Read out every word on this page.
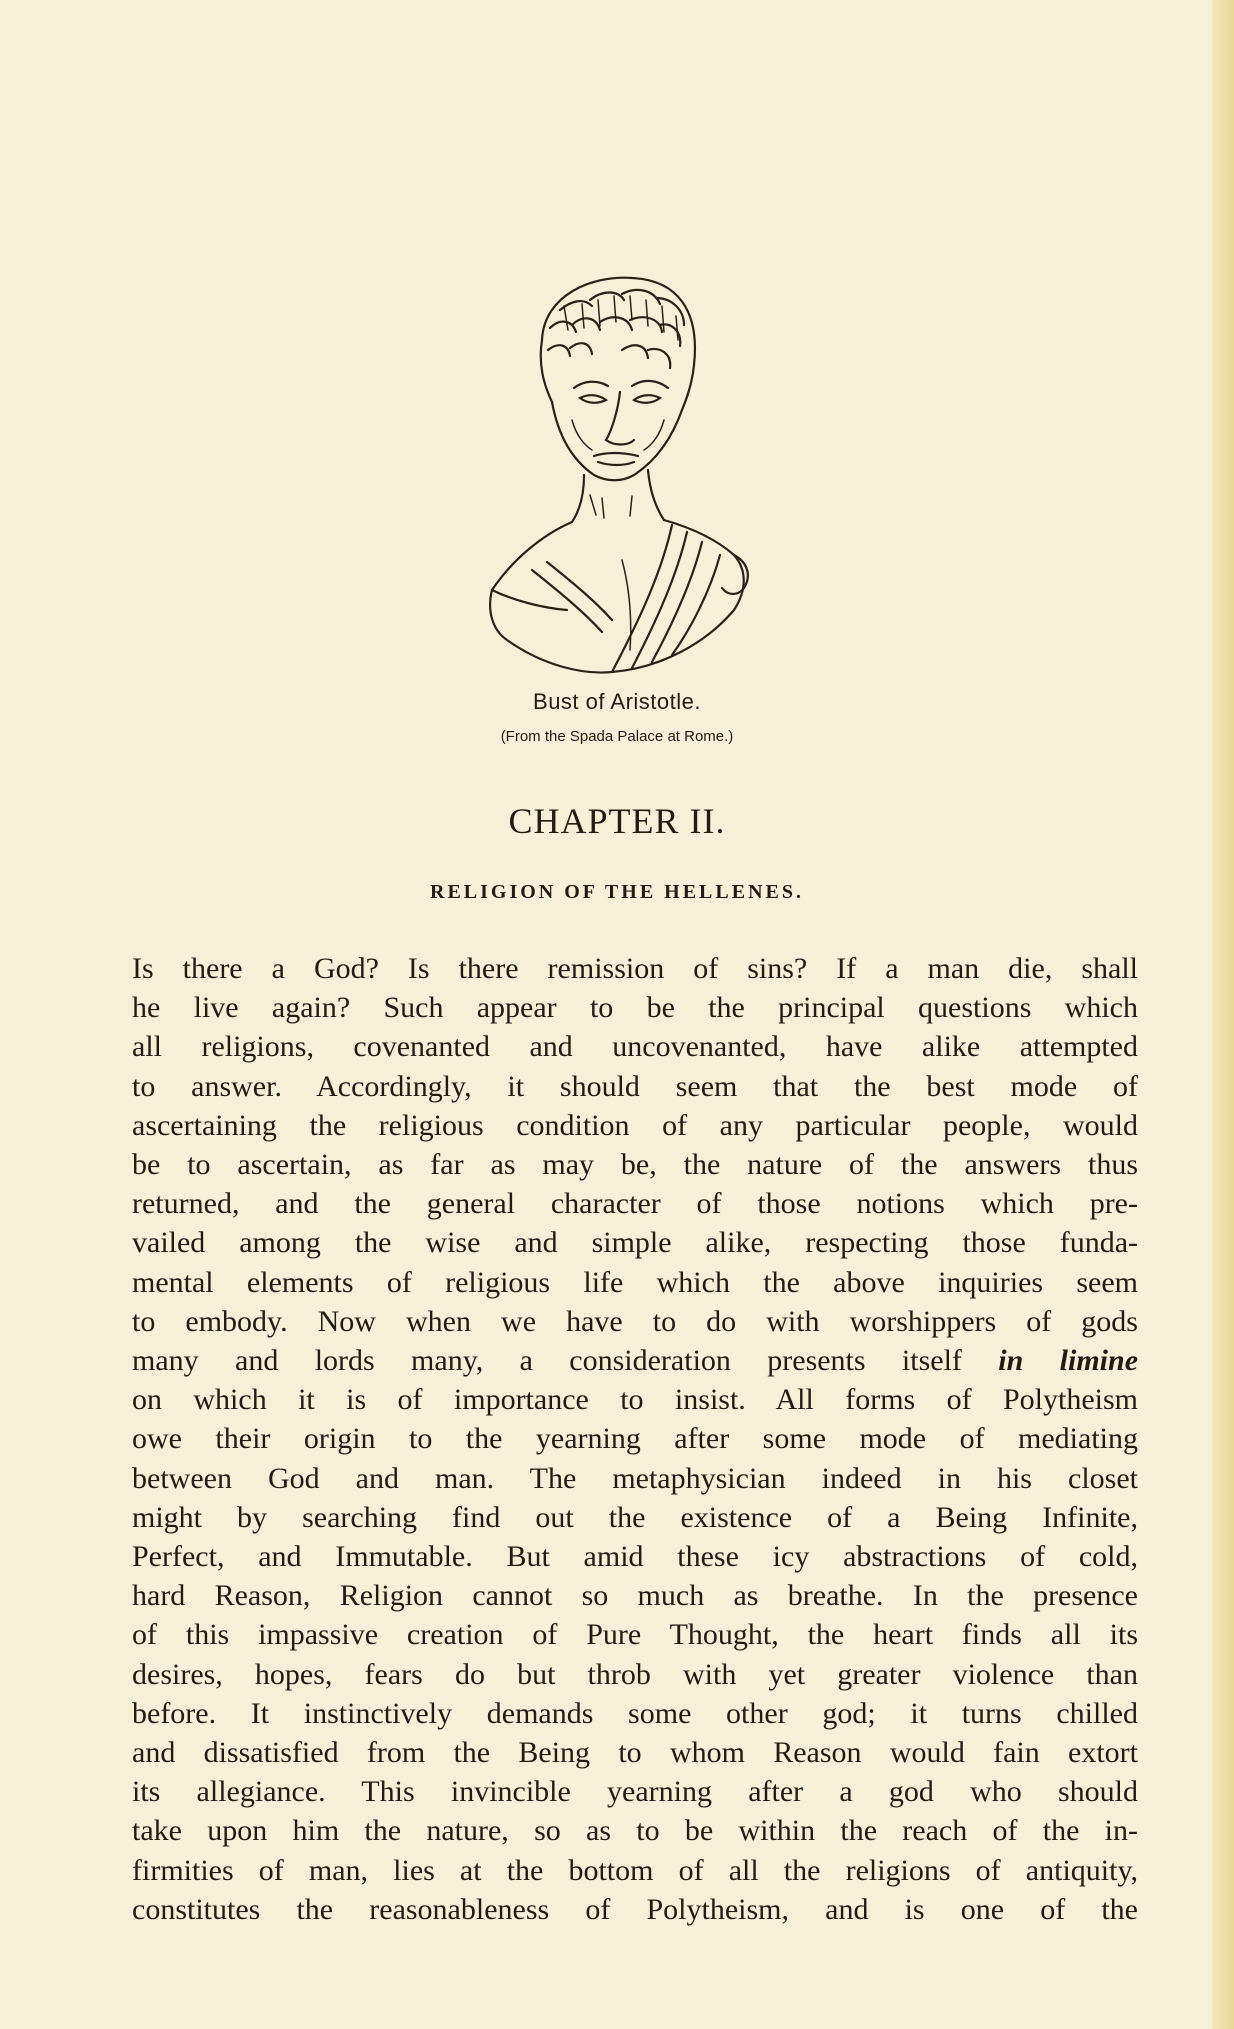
Bust of Aristotle.
(From the Spada Palace at Rome.)
CHAPTER II.
RELIGION OF THE HELLENES.
Is there a God? Is there remission of sins? If a man die, shall
he live again? Such appear to be the principal questions which
all religions, covenanted and uncovenanted, have alike attempted
to answer. Accordingly, it should seem that the best mode of
ascertaining the religious condition of any particular people, would
be to ascertain, as far as may be, the nature of the answers thus
returned, and the general character of those notions which pre-
vailed among the wise and simple alike, respecting those funda-
mental elements of religious life which the above inquiries seem
to embody. Now when we have to do with worshippers of gods
many and lords many, a consideration presents itself in limine
on which it is of importance to insist. All forms of Polytheism
owe their origin to the yearning after some mode of mediating
between God and man. The metaphysician indeed in his closet
might by searching find out the existence of a Being Infinite,
Perfect, and Immutable. But amid these icy abstractions of cold,
hard Reason, Religion cannot so much as breathe. In the presence
of this impassive creation of Pure Thought, the heart finds all its
desires, hopes, fears do but throb with yet greater violence than
before. It instinctively demands some other god; it turns chilled
and dissatisfied from the Being to whom Reason would fain extort
its allegiance. This invincible yearning after a god who should
take upon him the nature, so as to be within the reach of the in-
firmities of man, lies at the bottom of all the religions of antiquity,
constitutes the reasonableness of Polytheism, and is one of the
